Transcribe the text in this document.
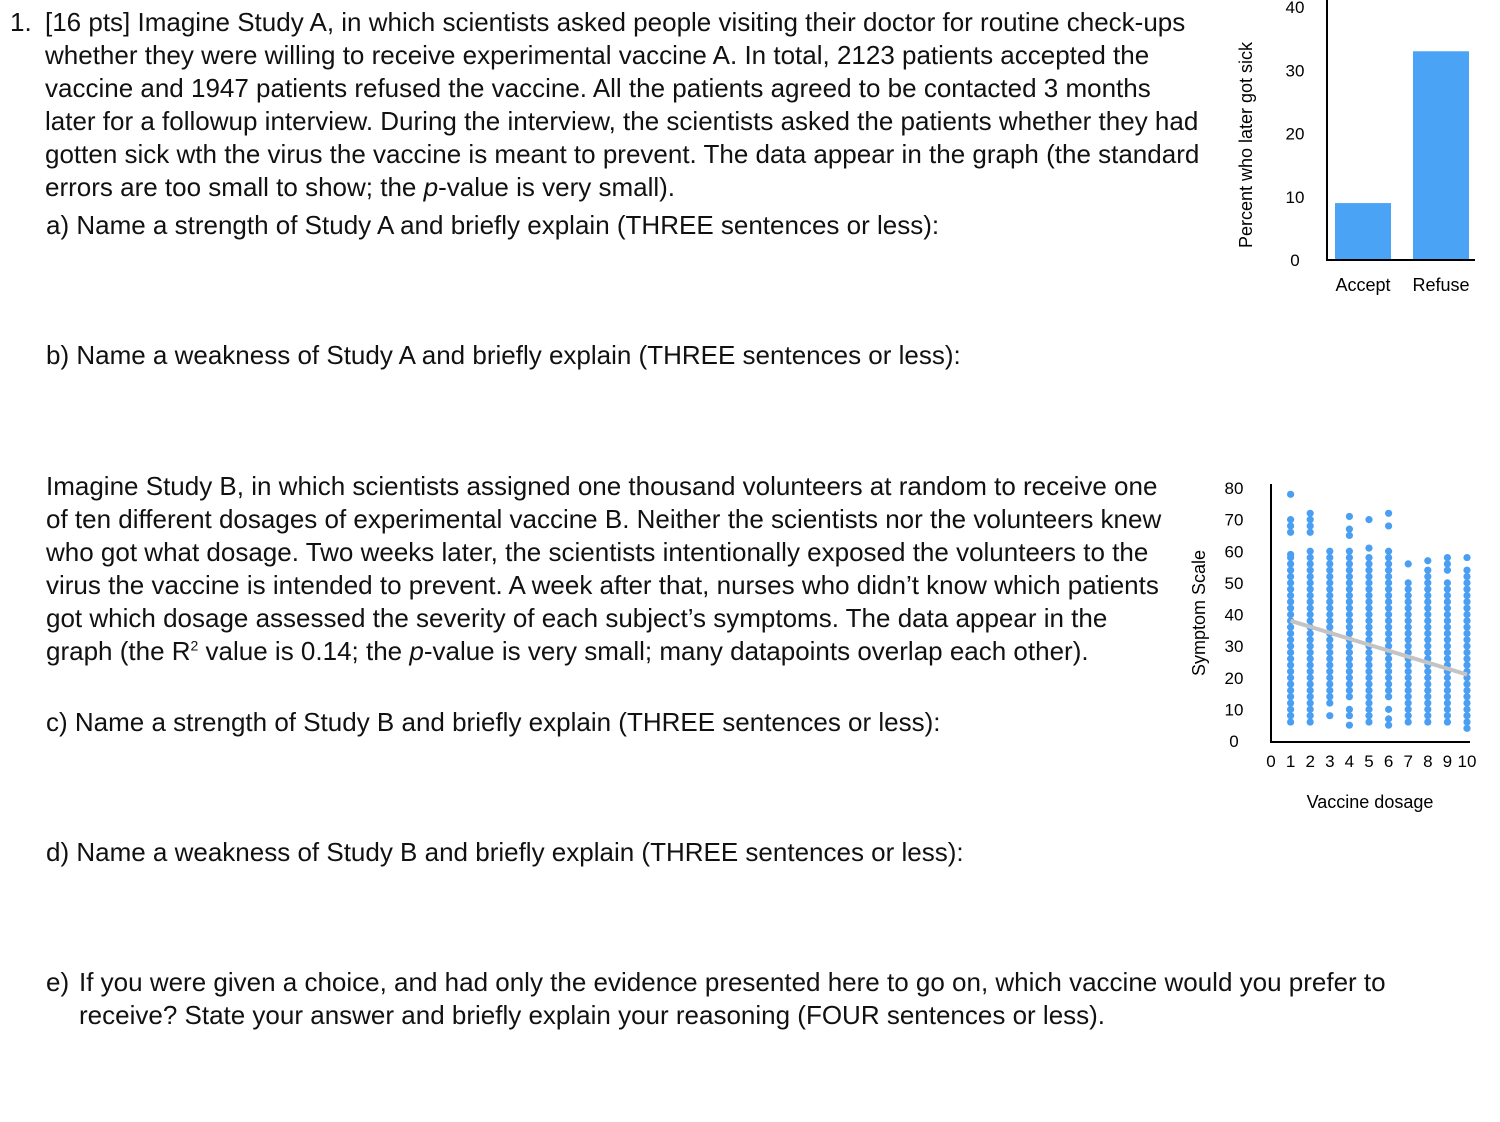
1. [16 pts] Imagine Study A, in which scientists asked people visiting their doctor for routine check-ups whether they were willing to receive experimental vaccine A. In total, 2123 patients accepted the vaccine and 1947 patients refused the vaccine. All the patients agreed to be contacted 3 months later for a followup interview. During the interview, the scientists asked the patients whether they had gotten sick wth the virus the vaccine is meant to prevent. The data appear in the graph (the standard errors are too small to show; the p-value is very small).
a) Name a strength of Study A and briefly explain (THREE sentences or less):
b) Name a weakness of Study A and briefly explain (THREE sentences or less):
Imagine Study B, in which scientists assigned one thousand volunteers at random to receive one of ten different dosages of experimental vaccine B. Neither the scientists nor the volunteers knew who got what dosage. Two weeks later, the scientists intentionally exposed the volunteers to the virus the vaccine is intended to prevent. A week after that, nurses who didn’t know which patients got which dosage assessed the severity of each subject’s symptoms. The data appear in the graph (the $R^2$ value is 0.14; the p-value is very small; many datapoints overlap each other).
c) Name a strength of Study B and briefly explain (THREE sentences or less):
d) Name a weakness of Study B and briefly explain (THREE sentences or less):
e) If you were given a choice, and had only the evidence presented here to go on, which vaccine would you prefer to receive? State your answer and briefly explain your reasoning (FOUR sentences or less).
Percent who later got sick
0
10
20
30
40
Accept Refuse
Symptom Scale
Vaccine dosage
0
10
20
30
40
50
60
70
80
0 1 2 3 4 5 6 7 8 9 10
